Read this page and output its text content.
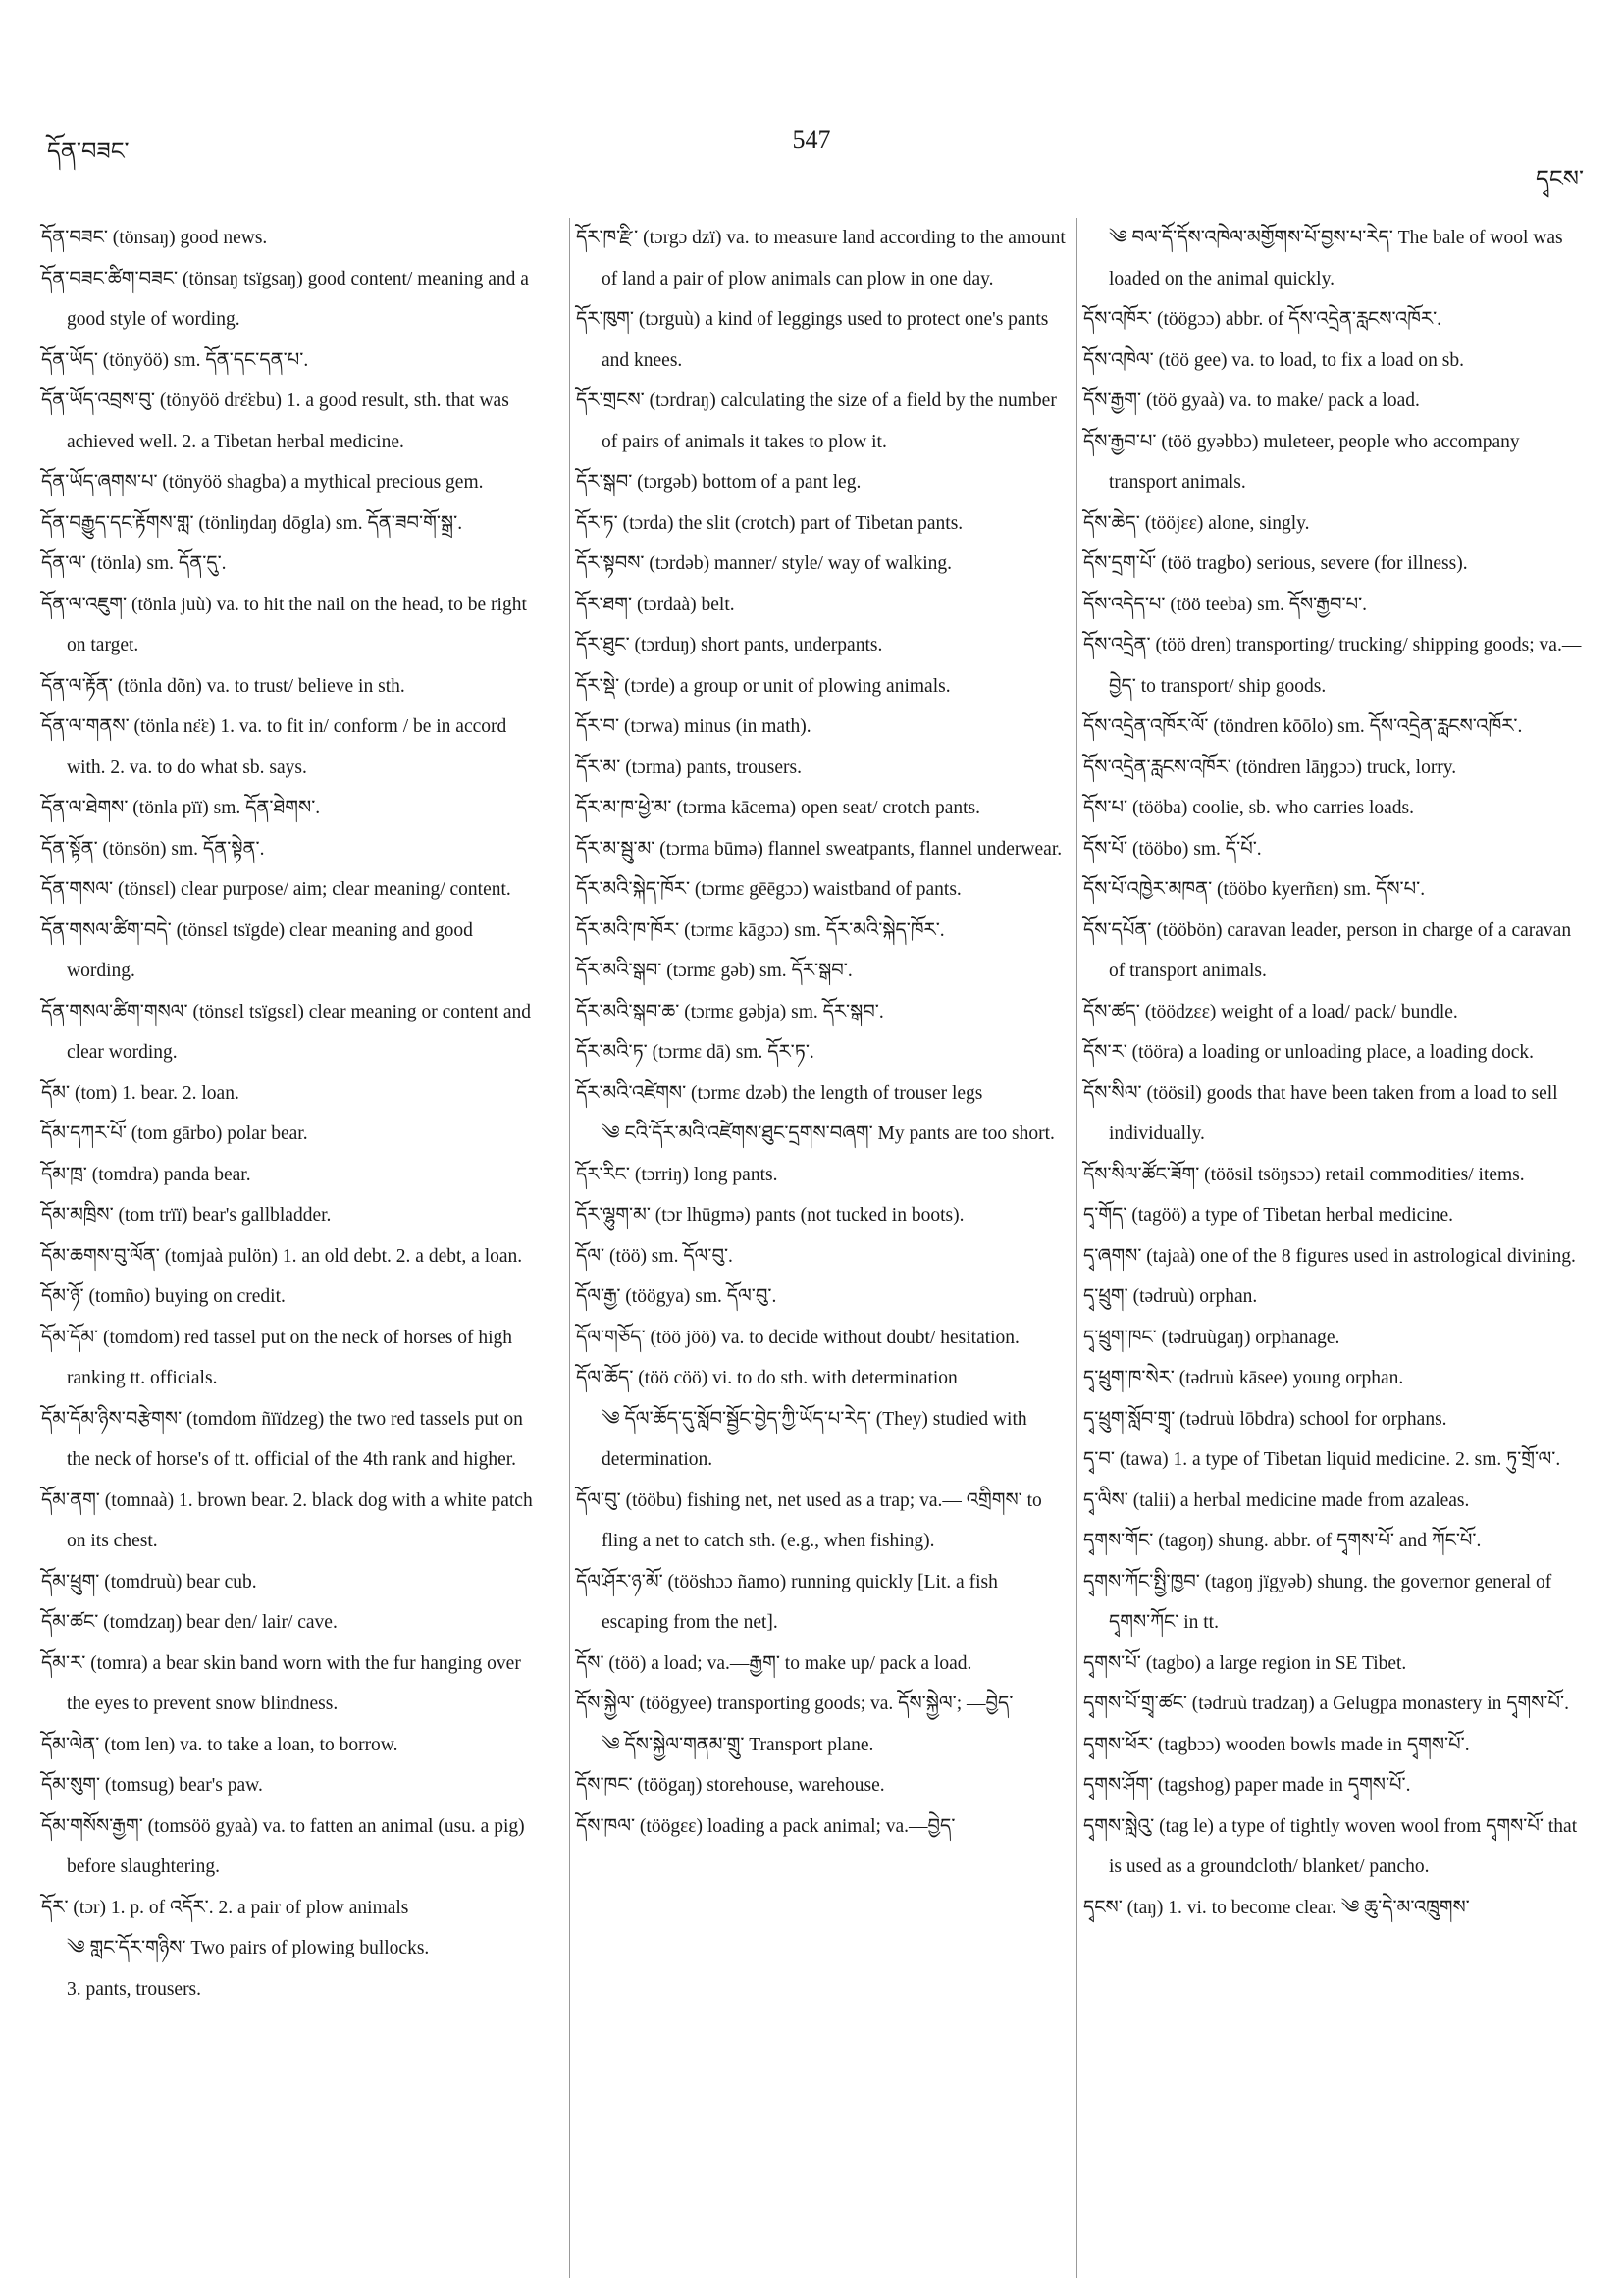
དོན་བཟང་	547
དྭངས་

དོན་བཟང་ (tönsaŋ) good news.

དོན་བཟང་ཚིག་བཟང་ (tönsaŋ tsïgsaŋ) good content/ meaning and a good style of wording.

དོན་ཡོད་ (tönyöö) sm. དོན་དང་དན་པ་.

དོན་ཡོད་འབྲས་བུ་ (tönyöö drɛ̈ɛbu) 1. a good result, sth. that was achieved well. 2. a Tibetan herbal medicine.

དོན་ཡོད་ཞགས་པ་ (tönyöö shagba) a mythical precious gem.

དོན་བརྒྱུད་དང་རྟོགས་གླ་ (tönliŋdaŋ dōgla) sm. དོན་ཟབ་གོ་སྒྲ་.

དོན་ལ་ (tönla) sm. དོན་དུ་.

དོན་ལ་འཇུག་ (tönla juù) va. to hit the nail on the head, to be right on target.

དོན་ལ་རྟོན་ (tönla dõn) va. to trust/ believe in sth.

དོན་ལ་གནས་ (tönla nɛ̈ɛ) 1. va. to fit in/ conform / be in accord with. 2. va. to do what sb. says.

དོན་ལ་ཐེགས་ (tönla pïï) sm. དོན་ཐེགས་.

དོན་སྟོན་ (tönsön) sm. དོན་སྟེན་.

དོན་གསལ་ (tönsɛl) clear purpose/ aim; clear meaning/ content.

དོན་གསལ་ཚིག་བདེ་ (tönsɛl tsïgde) clear meaning and good wording.

དོན་གསལ་ཚིག་གསལ་ (tönsɛl tsïgsɛl) clear meaning or content and clear wording.

དོམ་ (tom) 1. bear. 2. loan.

དོམ་དཀར་པོ་ (tom gārbo) polar bear.

དོམ་ཁྲ་ (tomdra) panda bear.

དོམ་མཁྲིས་ (tom trïï) bear's gallbladder.

དོམ་ཆགས་བུ་ལོན་ (tomjaà pulön) 1. an old debt. 2. a debt, a loan.

དོམ་ཉོ་ (tomño) buying on credit.

དོམ་དོམ་ (tomdom) red tassel put on the neck of horses of high ranking tt. officials.

དོམ་དོམ་ཉིས་བརྩེགས་ (tomdom ñïïdzeg) the two red tassels put on the neck of horse's of tt. official of the 4th rank and higher.

དོམ་ནག་ (tomnaà) 1. brown bear. 2. black dog with a white patch on its chest.

དོམ་ཕྲུག་ (tomdruù) bear cub.

དོམ་ཚང་ (tomdzaŋ) bear den/ lair/ cave.

དོམ་ར་ (tomra) a bear skin band worn with the fur hanging over the eyes to prevent snow blindness.

དོམ་ལེན་ (tom len) va. to take a loan, to borrow.

དོམ་སུག་ (tomsug) bear's paw.

དོམ་གསོས་རྒྱག་ (tomsöö gyaà) va. to fatten an animal (usu. a pig) before slaughtering.

དོར་ (tɔr) 1. p. of འདོར་. 2. a pair of plow animals

༄ གླང་དོར་གཉིས་ Two pairs of plowing bullocks.

3. pants, trousers.

དོར་ཁ་རྫི་ (tɔrgɔ dzï) va. to measure land according to the amount of land a pair of plow animals can plow in one day.

དོར་ཁུག་ (tɔrguù) a kind of leggings used to protect one's pants and knees.

དོར་གྲངས་ (tɔrdraŋ) calculating the size of a field by the number of pairs of animals it takes to plow it.

དོར་སྒབ་ (tɔrgəb) bottom of a pant leg.

དོར་ཏ་ (tɔrda) the slit (crotch) part of Tibetan pants.

དོར་སྟབས་ (tɔrdəb) manner/ style/ way of walking.

དོར་ཐག་ (tɔrdaà) belt.

དོར་ཐུང་ (tɔrduŋ) short pants, underpants.

དོར་སྡེ་ (tɔrde) a group or unit of plowing animals.

དོར་བ་ (tɔrwa) minus (in math).

དོར་མ་ (tɔrma) pants, trousers.

དོར་མ་ཁ་ཕྱེ་མ་ (tɔrma kācema) open seat/ crotch pants.

དོར་མ་སྦུ་མ་ (tɔrma būmə) flannel sweatpants, flannel underwear.

དོར་མའི་སྐེད་ཁོར་ (tɔrmɛ gēēgɔɔ) waistband of pants.

དོར་མའི་ཁ་ཁོར་ (tɔrmɛ kāgɔɔ) sm. དོར་མའི་སྐེད་ཁོར་.

དོར་མའི་སྒབ་ (tɔrmɛ gəb) sm. དོར་སྒབ་.

དོར་མའི་སྒབ་ཆ་ (tɔrmɛ gəbja) sm. དོར་སྒབ་.

དོར་མའི་ཏ་ (tɔrmɛ dā) sm. དོར་ཏ་.

དོར་མའི་འཛེགས་ (tɔrmɛ dzəb) the length of trouser legs

༄ ངའི་དོར་མའི་འཛེགས་ཐུང་དྲགས་བཞག་ My pants are too short.

དོར་རིང་ (tɔrriŋ) long pants.

དོར་ལྷུག་མ་ (tɔr lhūgmə) pants (not tucked in boots).

དོལ་ (töö) sm. དོལ་བུ་.

དོལ་རྒྱ་ (töögya) sm. དོལ་བུ་.

དོལ་གཅོད་ (töö jöö) va. to decide without doubt/ hesitation.

དོལ་ཆོད་ (töö cöö) vi. to do sth. with determination

༄ དོལ་ཆོད་དུ་སློབ་སྦྱོང་བྱེད་ཀྱི་ཡོད་པ་རེད་ (They) studied with determination.

དོལ་བུ་ (tööbu) fishing net, net used as a trap; va.— འགྲིགས་ to fling a net to catch sth. (e.g., when fishing).

དོལ་ཤོར་ཉ་མོ་ (tööshɔɔ ñamo) running quickly [Lit. a fish escaping from the net].

དོས་ (töö) a load; va.—རྒྱག་ to make up/ pack a load.

དོས་སྐྱེལ་ (töögyee) transporting goods; va. དོས་སྐྱེལ་; —བྱེད་

༄ དོས་སྐྱེལ་གནམ་གྲུ་ Transport plane.

དོས་ཁང་ (töögaŋ) storehouse, warehouse.

དོས་ཁལ་ (töögɛɛ) loading a pack animal; va.—བྱེད་

༄ བལ་དོ་དོས་འཁེལ་མགྱོགས་པོ་བྱས་པ་རེད་ The bale of wool was loaded on the animal quickly.

དོས་འཁོར་ (töögɔɔ) abbr. of དོས་འདྲེན་རླངས་འཁོར་.

དོས་འཁེལ་ (töö gee) va. to load, to fix a load on sb.

དོས་རྒྱག་ (töö gyaà) va. to make/ pack a load.

དོས་རྒྱབ་པ་ (töö gyəbbɔ) muleteer, people who accompany transport animals.

དོས་ཆེད་ (tööjɛɛ) alone, singly.

དོས་དྲག་པོ་ (töö tragbo) serious, severe (for illness).

དོས་འདེད་པ་ (töö teeba) sm. དོས་རྒྱབ་པ་.

དོས་འདྲེན་ (töö dren) transporting/ trucking/ shipping goods; va.—བྱེད་ to transport/ ship goods.

དོས་འདྲེན་འཁོར་ལོ་ (töndren kōōlo) sm. དོས་འདྲེན་རླངས་འཁོར་.

དོས་འདྲེན་རླངས་འཁོར་ (töndren lāŋgɔɔ) truck, lorry.

དོས་པ་ (tööba) coolie, sb. who carries loads.

དོས་པོ་ (tööbo) sm. དོ་པོ་.

དོས་པོ་འཁྱེར་མཁན་ (tööbo kyerñɛn) sm. དོས་པ་.

དོས་དཔོན་ (tööbön) caravan leader, person in charge of a caravan of transport animals.

དོས་ཚད་ (töödzɛɛ) weight of a load/ pack/ bundle.

དོས་ར་ (tööra) a loading or unloading place, a loading dock.

དོས་སིལ་ (töösil) goods that have been taken from a load to sell individually.

དོས་སིལ་ཚོང་ཟོག་ (töösil tsöŋsɔɔ) retail commodities/ items.

དྭ་གོད་ (tagöö) a type of Tibetan herbal medicine.

དྭ་ཞགས་ (tajaà) one of the 8 figures used in astrological divining.

དྭ་ཕྲུག་ (tədruù) orphan.

དྭ་ཕྲུག་ཁང་ (tədruùgaŋ) orphanage.

དྭ་ཕྲུག་ཁ་སེར་ (tədruù kāsee) young orphan.

དྭ་ཕྲུག་སློབ་གྲྭ་ (tədruù lōbdra) school for orphans.

དྭ་བ་ (tawa) 1. a type of Tibetan liquid medicine. 2. sm. ཏུ་གྲོ་ལ་.

དྭ་ལིས་ (talii) a herbal medicine made from azaleas.

དྭགས་གོང་ (tagoŋ) shung. abbr. of དྭགས་པོ་ and ཀོང་པོ་.

དྭགས་ཀོང་སྤྱི་ཁྱབ་ (tagoŋ jïgyəb) shung. the governor general of དྭགས་ཀོང་ in tt.

དྭགས་པོ་ (tagbo) a large region in SE Tibet.

དྭགས་པོ་གྲྭ་ཚང་ (tədruù tradzaŋ) a Gelugpa monastery in དྭགས་པོ་.

དྭགས་ཕོར་ (tagbɔɔ) wooden bowls made in དྭགས་པོ་.

དྭགས་ཤོག་ (tagshog) paper made in དྭགས་པོ་.

དྭགས་སླེའུ་ (tag le) a type of tightly woven wool from དྭགས་པོ་ that is used as a groundcloth/ blanket/ pancho.

དྭངས་ (taŋ) 1. vi. to become clear. ༄ ཆུ་དེ་མ་འཁྲུགས་
